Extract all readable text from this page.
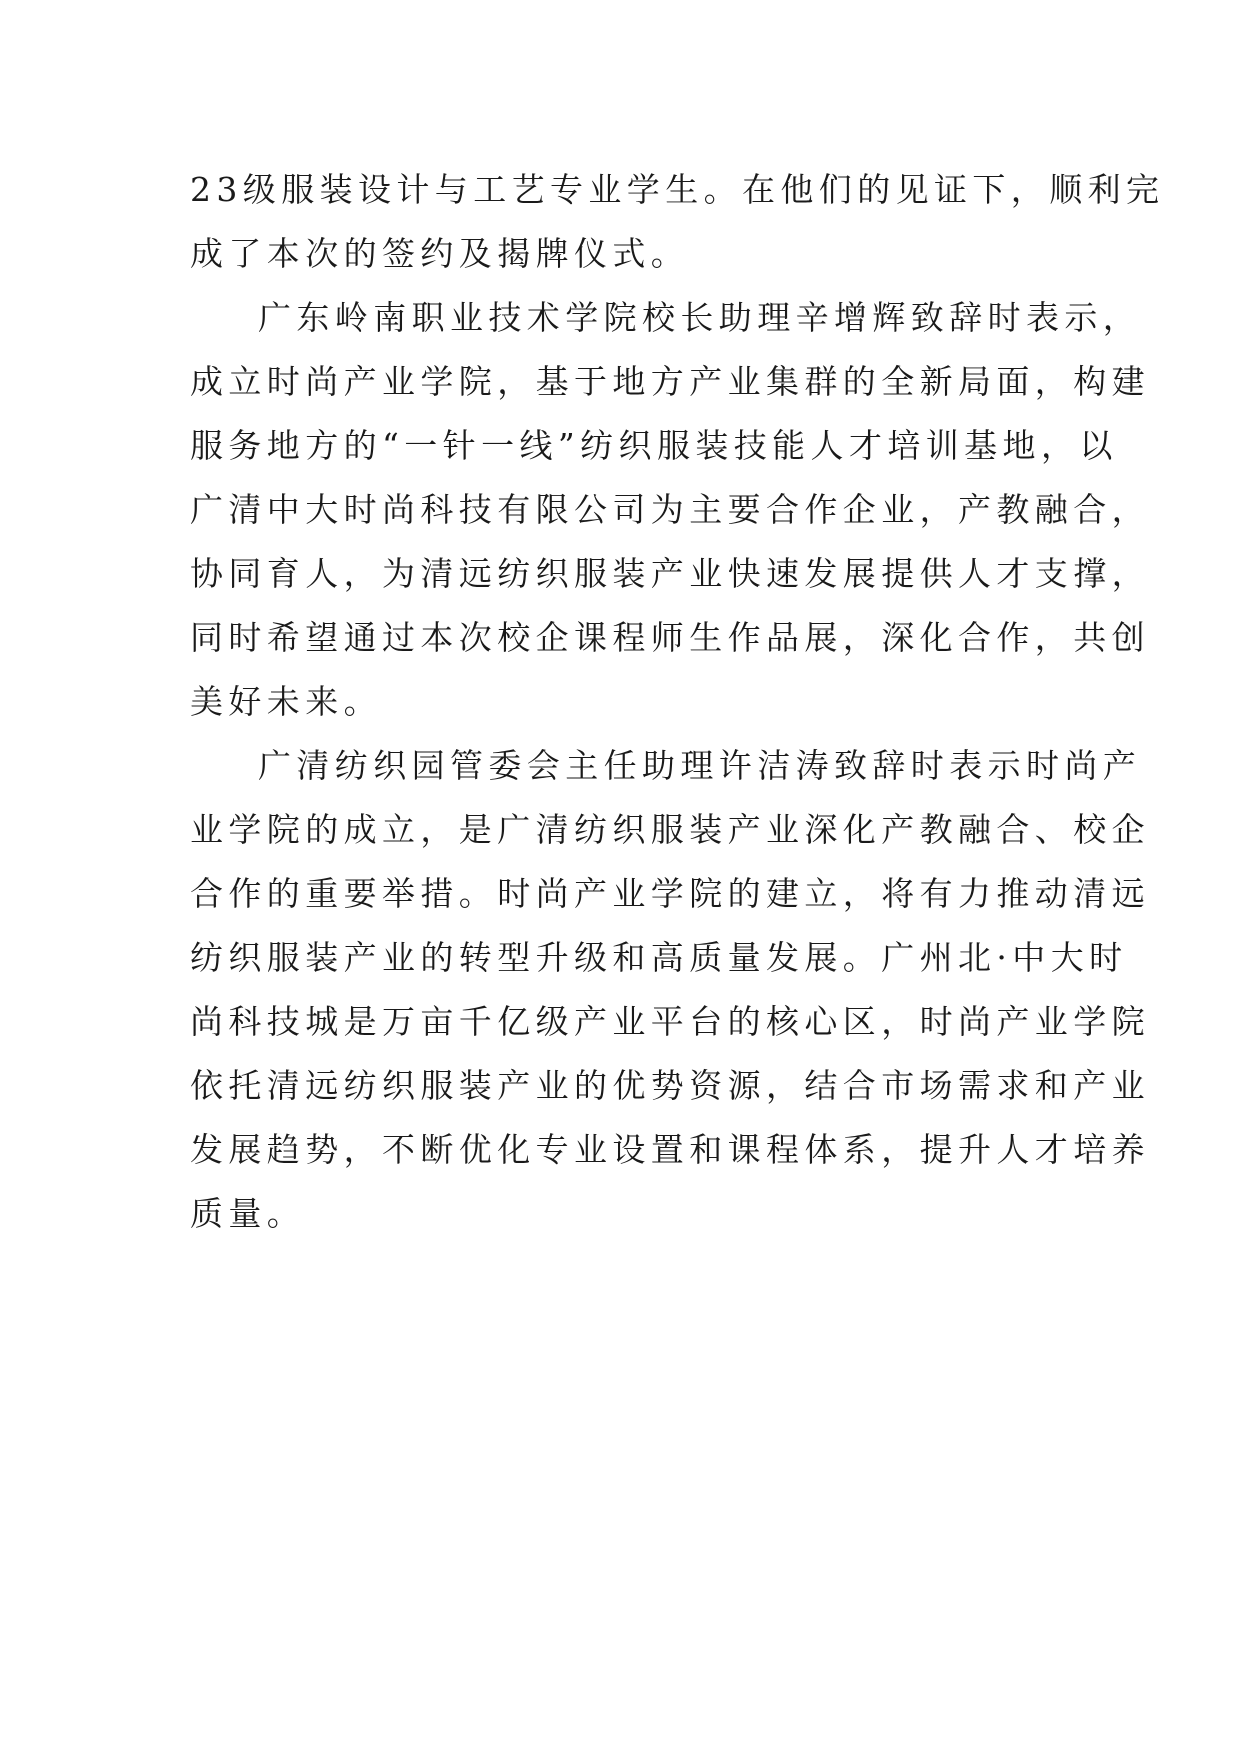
23级服装设计与工艺专业学生。在他们的见证下，顺利完
成了本次的签约及揭牌仪式。
广东岭南职业技术学院校长助理辛增辉致辞时表示，
成立时尚产业学院，基于地方产业集群的全新局面，构建
服务地方的“一针一线”纺织服装技能人才培训基地，以
广清中大时尚科技有限公司为主要合作企业，产教融合，
协同育人，为清远纺织服装产业快速发展提供人才支撑，
同时希望通过本次校企课程师生作品展，深化合作，共创
美好未来。
广清纺织园管委会主任助理许洁涛致辞时表示时尚产
业学院的成立，是广清纺织服装产业深化产教融合、校企
合作的重要举措。时尚产业学院的建立，将有力推动清远
纺织服装产业的转型升级和高质量发展。广州北·中大时
尚科技城是万亩千亿级产业平台的核心区，时尚产业学院
依托清远纺织服装产业的优势资源，结合市场需求和产业
发展趋势，不断优化专业设置和课程体系，提升人才培养
质量。
